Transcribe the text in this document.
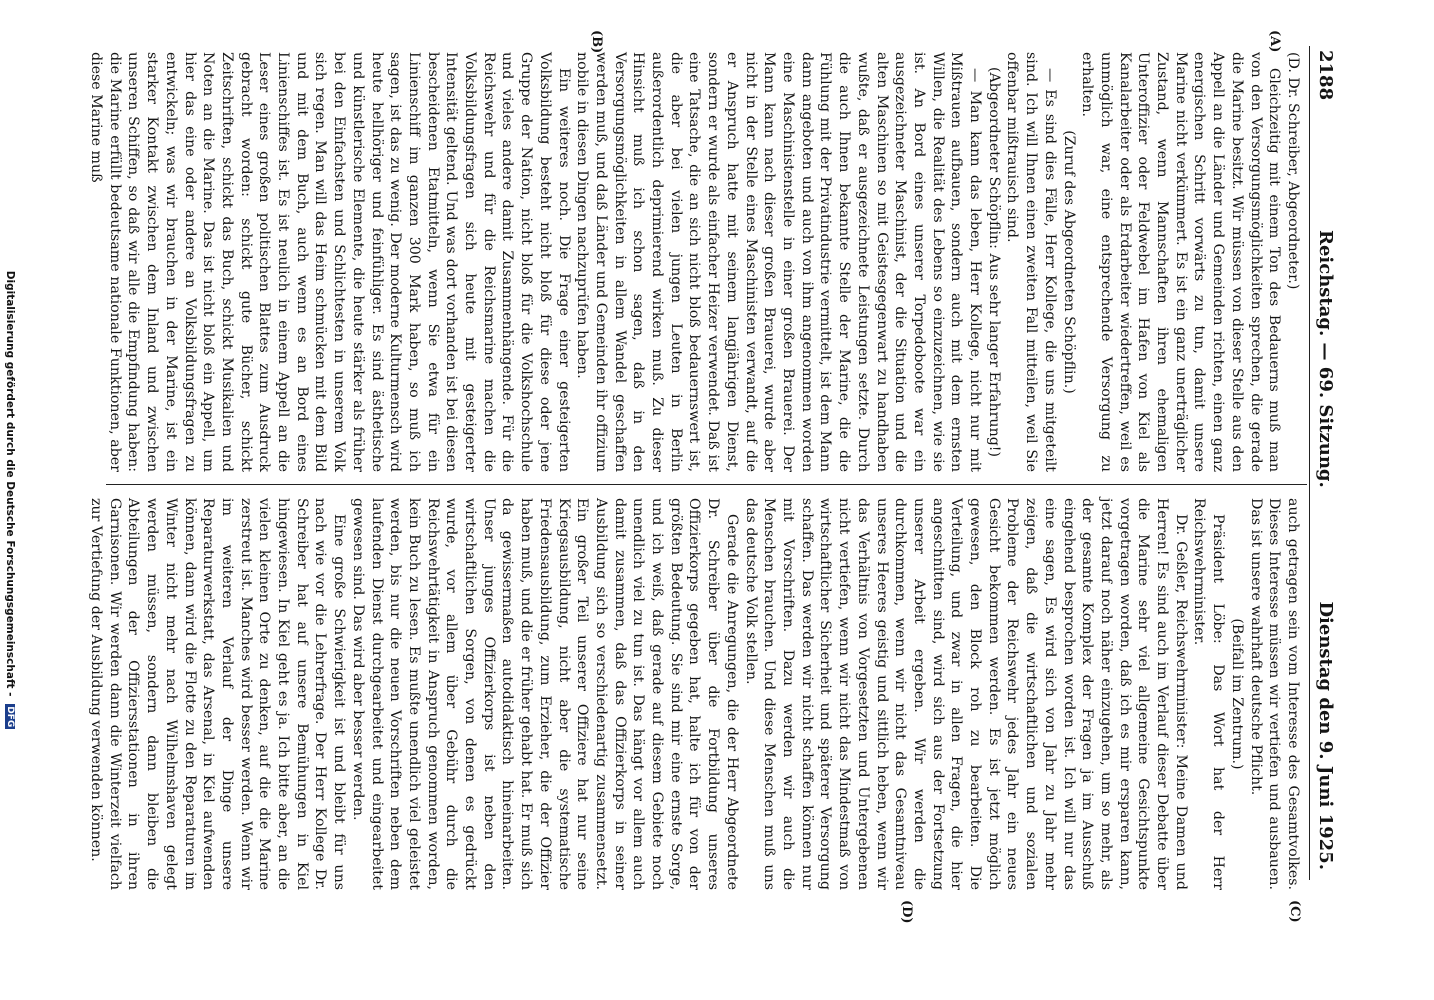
2188
Reichstag. — 69. Sitzung.
Dienstag den 9. Juni 1925.
(A)
(B)
(C)
(D)

(D. Dr. Schreiber, Abgeordneter.)

Gleichzeitig mit einem Ton des Bedauerns muß man von den Versorgungsmöglichkeiten sprechen, die gerade die Marine besitzt. Wir müssen von dieser Stelle aus den Appell an die Länder und Gemeinden richten, einen ganz energischen Schritt vorwärts zu tun, damit unsere Marine nicht verkümmert. Es ist ein ganz unerträglicher Zustand, wenn Mannschaften ihren ehemaligen Unteroffizier oder Feldwebel im Hafen von Kiel als Kanalarbeiter oder als Erdarbeiter wiedertreffen, weil es unmöglich war, eine entsprechende Versorgung zu erhalten.

(Zuruf des Abgeordneten Schöpflin.)

— Es sind dies Fälle, Herr Kollege, die uns mitgeteilt sind. Ich will Ihnen einen zweiten Fall mitteilen, weil Sie offenbar mißtrauisch sind.

(Abgeordneter Schöpflin: Aus sehr langer Erfahrung!)

— Man kann das leben, Herr Kollege, nicht nur mit Mißtrauen aufbauen, sondern auch mit dem ernsten Willen, die Realität des Lebens so einzuzeichnen, wie sie ist. An Bord eines unserer Torpedoboote war ein ausgezeichneter Maschinist, der die Situation und die alten Maschinen so mit Geistesgegenwart zu handhaben wußte, daß er ausgezeichnete Leistungen setzte. Durch die auch Ihnen bekannte Stelle der Marine, die die Fühlung mit der Privatindustrie vermittelt, ist dem Mann dann angeboten und auch von ihm angenommen worden eine Maschinistenstelle in einer großen Brauerei. Der Mann kann nach dieser großen Brauerei, wurde aber nicht in der Stelle eines Maschinisten verwandt, auf die er Anspruch hatte mit seinem langjährigen Dienst, sondern er wurde als einfacher Heizer verwendet. Daß ist eine Tatsache, die an sich nicht bloß bedauernswert ist, die aber bei vielen jungen Leuten in Berlin außerordentlich deprimierend wirken muß. Zu dieser Hinsicht muß ich schon sagen, daß in den Versorgungsmöglichkeiten in allem Wandel geschaffen werden muß, und daß Länder und Gemeinden ihr offizium nobile in diesen Dingen nachzuprüfen haben.

Ein weiteres noch. Die Frage einer gesteigerten Volksbildung besteht nicht bloß für diese oder jene Gruppe der Nation, nicht bloß für die Volkshochschule und vieles andere damit Zusammenhängende. Für die Reichswehr und für die Reichsmarine machen die Volksbildungsfragen sich heute mit gesteigerter Intensität geltend. Und was dort vorhanden ist bei diesen bescheidenen Etatmitteln, wenn Sie etwa für ein Linienschiff im ganzen 300 Mark haben, so muß ich sagen, ist das zu wenig. Der moderne Kulturmensch wird heute hellhöriger und feinfühliger. Es sind ästhetische und künstlerische Elemente, die heute stärker als früher bei den Einfachsten und Schlichtesten in unserem Volk sich regen. Man will das Heim schmücken mit dem Bild und mit dem Buch, auch wenn es an Bord eines Linienschiffes ist. Es ist neulich in einem Appell an die Leser eines großen politischen Blattes zum Ausdruck gebracht worden: schickt gute Bücher, schickt Zeitschriften, schickt das Buch, schickt Musikalien und Noten an die Marine. Das ist nicht bloß ein Appell, um hier das eine oder andere an Volksbildungsfragen zu entwickeln; was wir brauchen in der Marine, ist ein starker Kontakt zwischen dem Inland und zwischen unseren Schiffen, so daß wir alle die Empfindung haben: die Marine erfüllt bedeutsame nationale Funktionen, aber diese Marine muß

auch getragen sein vom Interesse des Gesamtvolkes. Dieses Interesse müssen wir vertiefen und ausbauen. Das ist unsere wahrhaft deutsche Pflicht.

(Beifall im Zentrum.)

Präsident Löbe: Das Wort hat der Herr Reichswehrminister.

Dr. Geßler, Reichswehrminister: Meine Damen und Herren! Es sind auch im Verlauf dieser Debatte über die Marine sehr viel allgemeine Gesichtspunkte vorgetragen worden, daß ich es mir ersparen kann, jetzt darauf noch näher einzugehen, um so mehr, als der gesamte Komplex der Fragen ja im Ausschuß eingehend besprochen worden ist. Ich will nur das eine sagen, Es wird sich von Jahr zu Jahr mehr zeigen, daß die wirtschaftlichen und sozialen Probleme der Reichswehr jedes Jahr ein neues Gesicht bekommen werden. Es ist jetzt möglich gewesen, den Block roh zu bearbeiten. Die Verteilung, und zwar in allen Fragen, die hier angeschnitten sind, wird sich aus der Fortsetzung unserer Arbeit ergeben. Wir werden die durchkommen, wenn wir nicht das Gesamtniveau unseres Heeres geistig und sittlich heben, wenn wir das Verhältnis von Vorgesetzten und Untergebenen nicht vertiefen, wenn wir nicht das Mindestmaß von wirtschaftlicher Sicherheit und späterer Versorgung schaffen. Das werden wir nicht schaffen können nur mit Vorschriften. Dazu werden wir auch die Menschen brauchen. Und diese Menschen muß uns das deutsche Volk stellen.

Gerade die Anregungen, die der Herr Abgeordnete Dr. Schreiber über die Fortbildung unseres Offizierkorps gegeben hat, halte ich für von der größten Bedeutung. Sie sind mir eine ernste Sorge, und ich weiß, daß gerade auf diesem Gebiete noch unendlich viel zu tun ist. Das hängt vor allem auch damit zusammen, daß das Offizierkorps in seiner Ausbildung sich so verschiedenartig zusammensetzt. Ein großer Teil unserer Offiziere hat nur seine Kriegsausbildung, nicht aber die systematische Friedensausbildung, zum Erzieher, die der Offizier haben muß, und die er früher gehabt hat. Er muß sich da gewissermaßen autodidaktisch hineinarbeiten. Unser junges Offizierkorps ist neben den wirtschaftlichen Sorgen, von denen es gedrückt wurde, vor allem über Gebühr durch die Reichswehrtätigkeit in Anspruch genommen worden, kein Buch zu lesen. Es mußte unendlich viel geleistet werden, bis nur die neuen Vorschriften neben dem laufenden Dienst durchgearbeitet und eingearbeitet gewesen sind. Das wird aber besser werden.

Eine große Schwierigkeit ist und bleibt für uns nach wie vor die Lehrerfrage. Der Herr Kollege Dr. Schreiber hat auf unsere Bemühungen in Kiel hingewiesen. In Kiel geht es ja. Ich bitte aber, an die vielen kleinen Orte zu denken, auf die die Marine zerstreut ist. Manches wird besser werden. Wenn wir im weiteren Verlauf der Dinge unsere Reparaturwerkstatt, das Arsenal, in Kiel aufwenden können, dann wird die Flotte zu den Reparaturen im Winter nicht mehr nach Wilhelmshaven gelegt werden müssen, sondern dann bleiben die Abteilungen der Offiziersstationen in ihren Garnisonen. Wir werden dann die Winterzeit vielfach zur Vertiefung der Ausbildung verwenden können.

Digitalisierung gefördert durch die Deutsche Forschungsgemeinschaft - DFG
